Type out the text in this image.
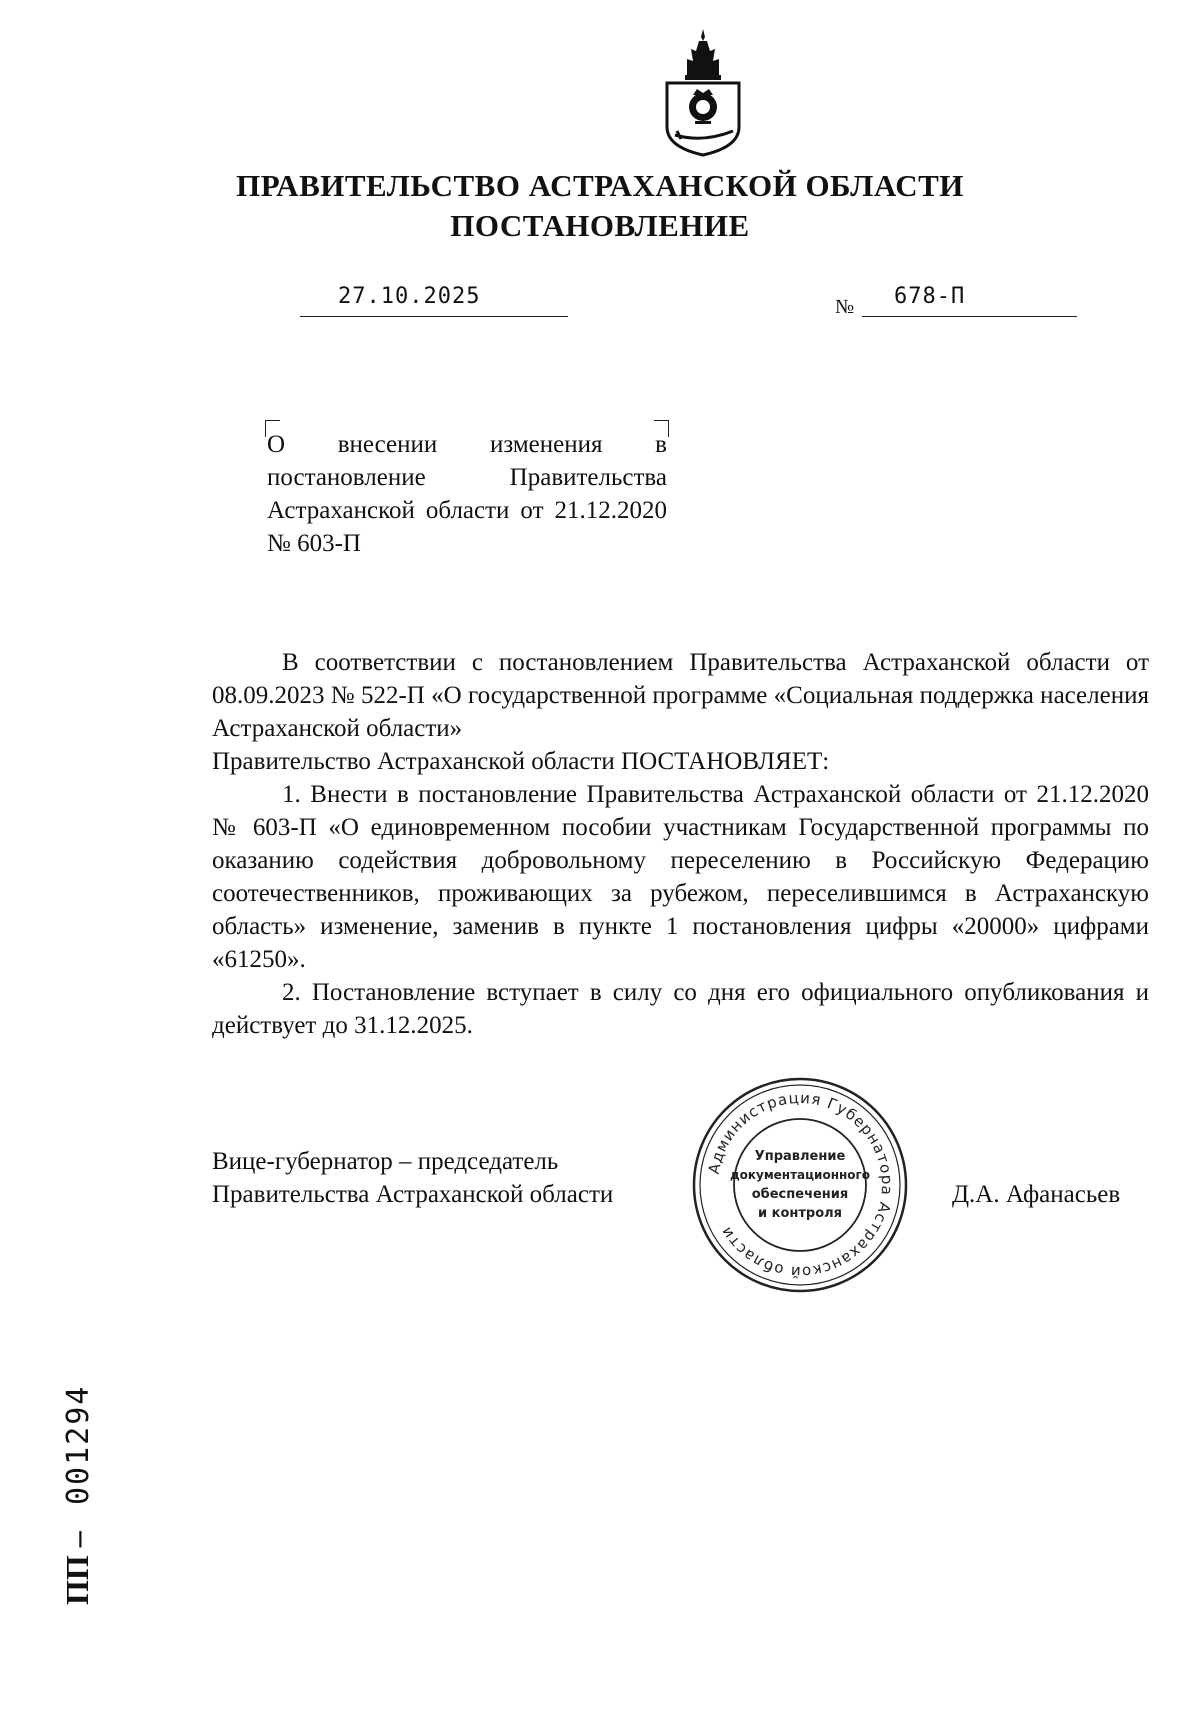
ПРАВИТЕЛЬСТВО АСТРАХАНСКОЙ ОБЛАСТИ
ПОСТАНОВЛЕНИЕ
27.10.2025	№ 678-П

О внесении изменения в постановление Правительства Астраханской области от 21.12.2020 № 603-П

В соответствии с постановлением Правительства Астраханской области от 08.09.2023 № 522-П «О государственной программе «Социальная поддержка населения Астраханской области»

Правительство Астраханской области ПОСТАНОВЛЯЕТ:

1. Внести в постановление Правительства Астраханской области от 21.12.2020 № 603-П «О единовременном пособии участникам Государственной программы по оказанию содействия добровольному переселению в Российскую Федерацию соотечественников, проживающих за рубежом, переселившимся в Астраханскую область» изменение, заменив в пункте 1 постановления цифры «20000» цифрами «61250».

2. Постановление вступает в силу со дня его официального опубликования и действует до 31.12.2025.

Вице-губернатор – председатель
Правительства Астраханской области	Д.А. Афанасьев
Администрация Губернатора Астраханской области
Управление
документационного
обеспечения
и контроля
ПП –
001294
